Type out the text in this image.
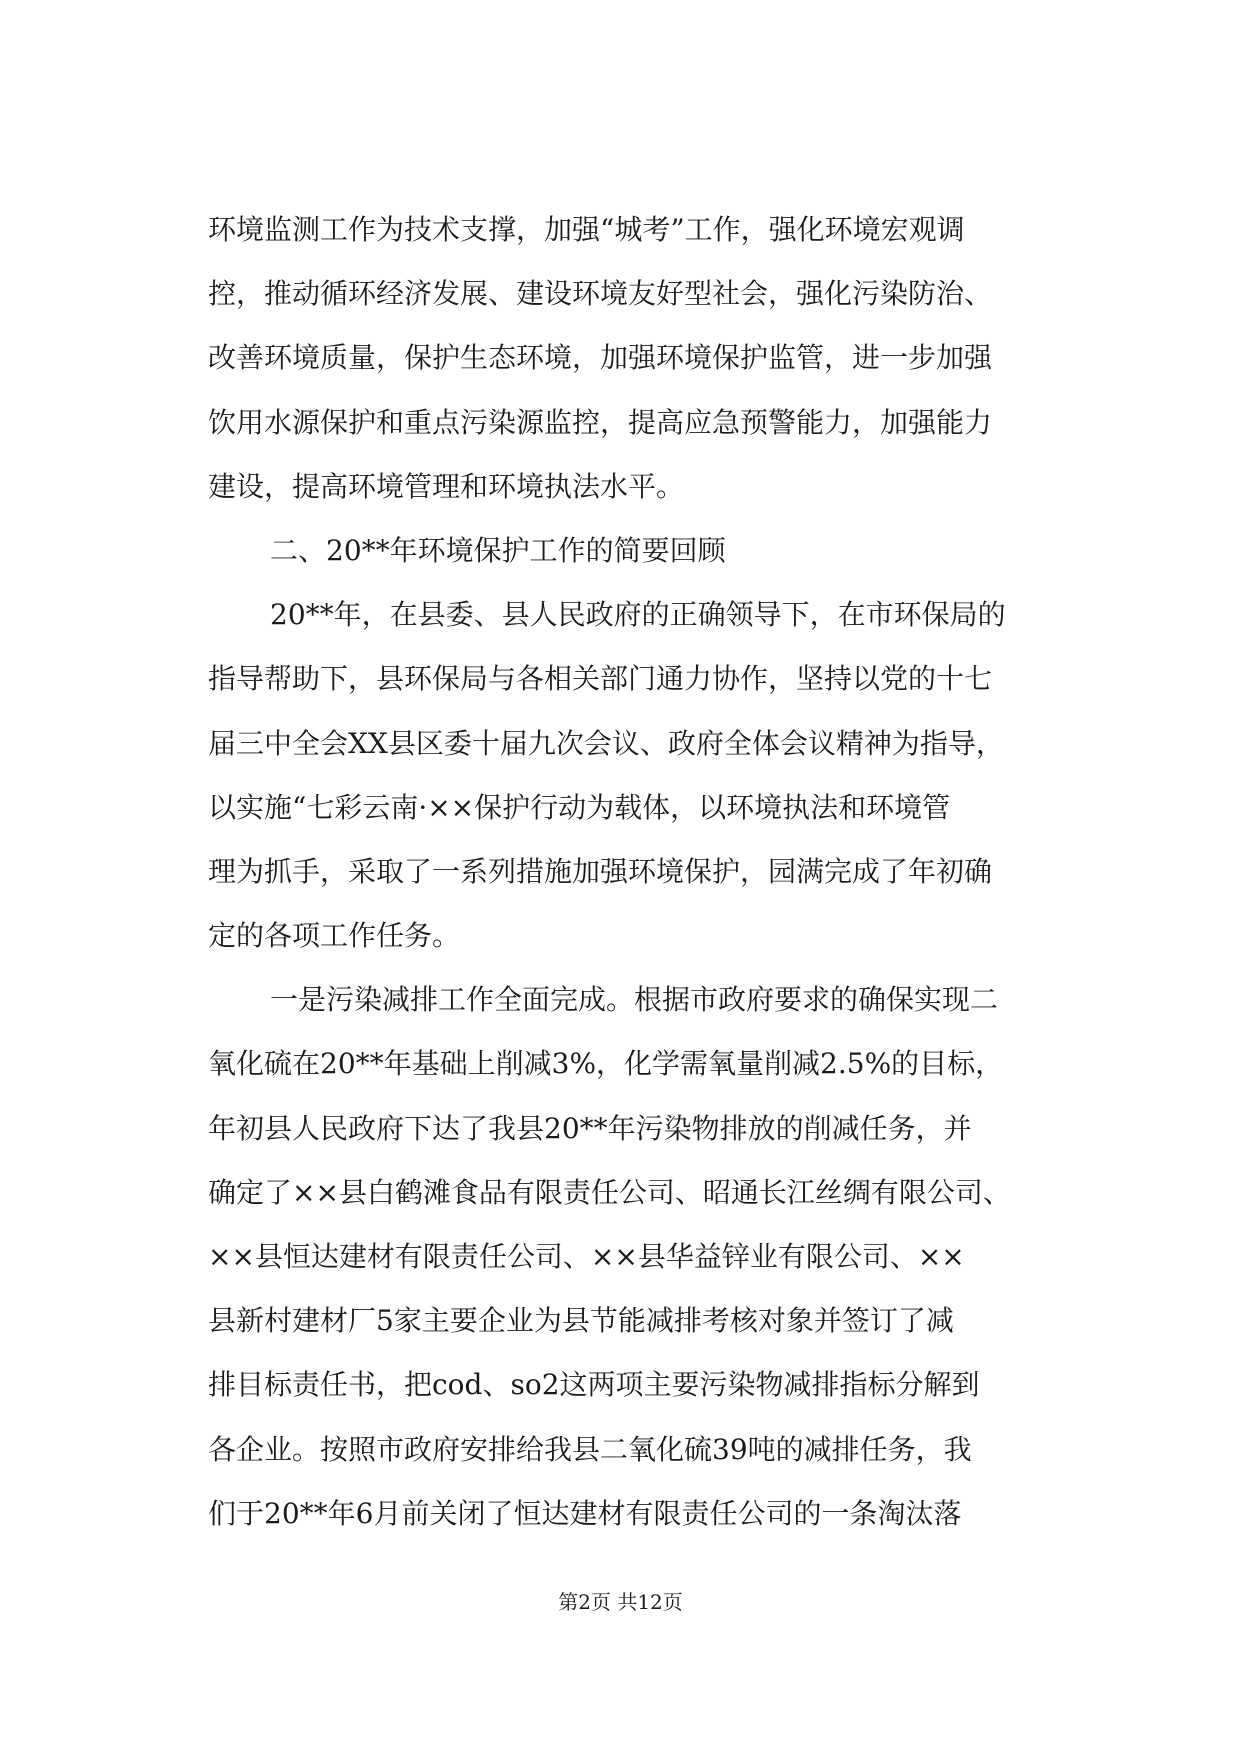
环境监测工作为技术支撑，加强“城考”工作，强化环境宏观调
控，推动循环经济发展、建设环境友好型社会，强化污染防治、
改善环境质量，保护生态环境，加强环境保护监管，进一步加强
饮用水源保护和重点污染源监控，提高应急预警能力，加强能力
建设，提高环境管理和环境执法水平。
二、20**年环境保护工作的简要回顾
20**年，在县委、县人民政府的正确领导下，在市环保局的
指导帮助下，县环保局与各相关部门通力协作，坚持以党的十七
届三中全会XX县区委十届九次会议、政府全体会议精神为指导，
以实施“七彩云南·××保护行动为载体，以环境执法和环境管
理为抓手，采取了一系列措施加强环境保护，园满完成了年初确
定的各项工作任务。
一是污染减排工作全面完成。根据市政府要求的确保实现二
氧化硫在20**年基础上削减3%，化学需氧量削减2.5%的目标，
年初县人民政府下达了我县20**年污染物排放的削减任务，并
确定了××县白鹤滩食品有限责任公司、昭通长江丝绸有限公司、
××县恒达建材有限责任公司、××县华益锌业有限公司、××
县新村建材厂5家主要企业为县节能减排考核对象并签订了减
排目标责任书，把cod、so2这两项主要污染物减排指标分解到
各企业。按照市政府安排给我县二氧化硫39吨的减排任务，我
们于20**年6月前关闭了恒达建材有限责任公司的一条淘汰落
第2页 共12页
